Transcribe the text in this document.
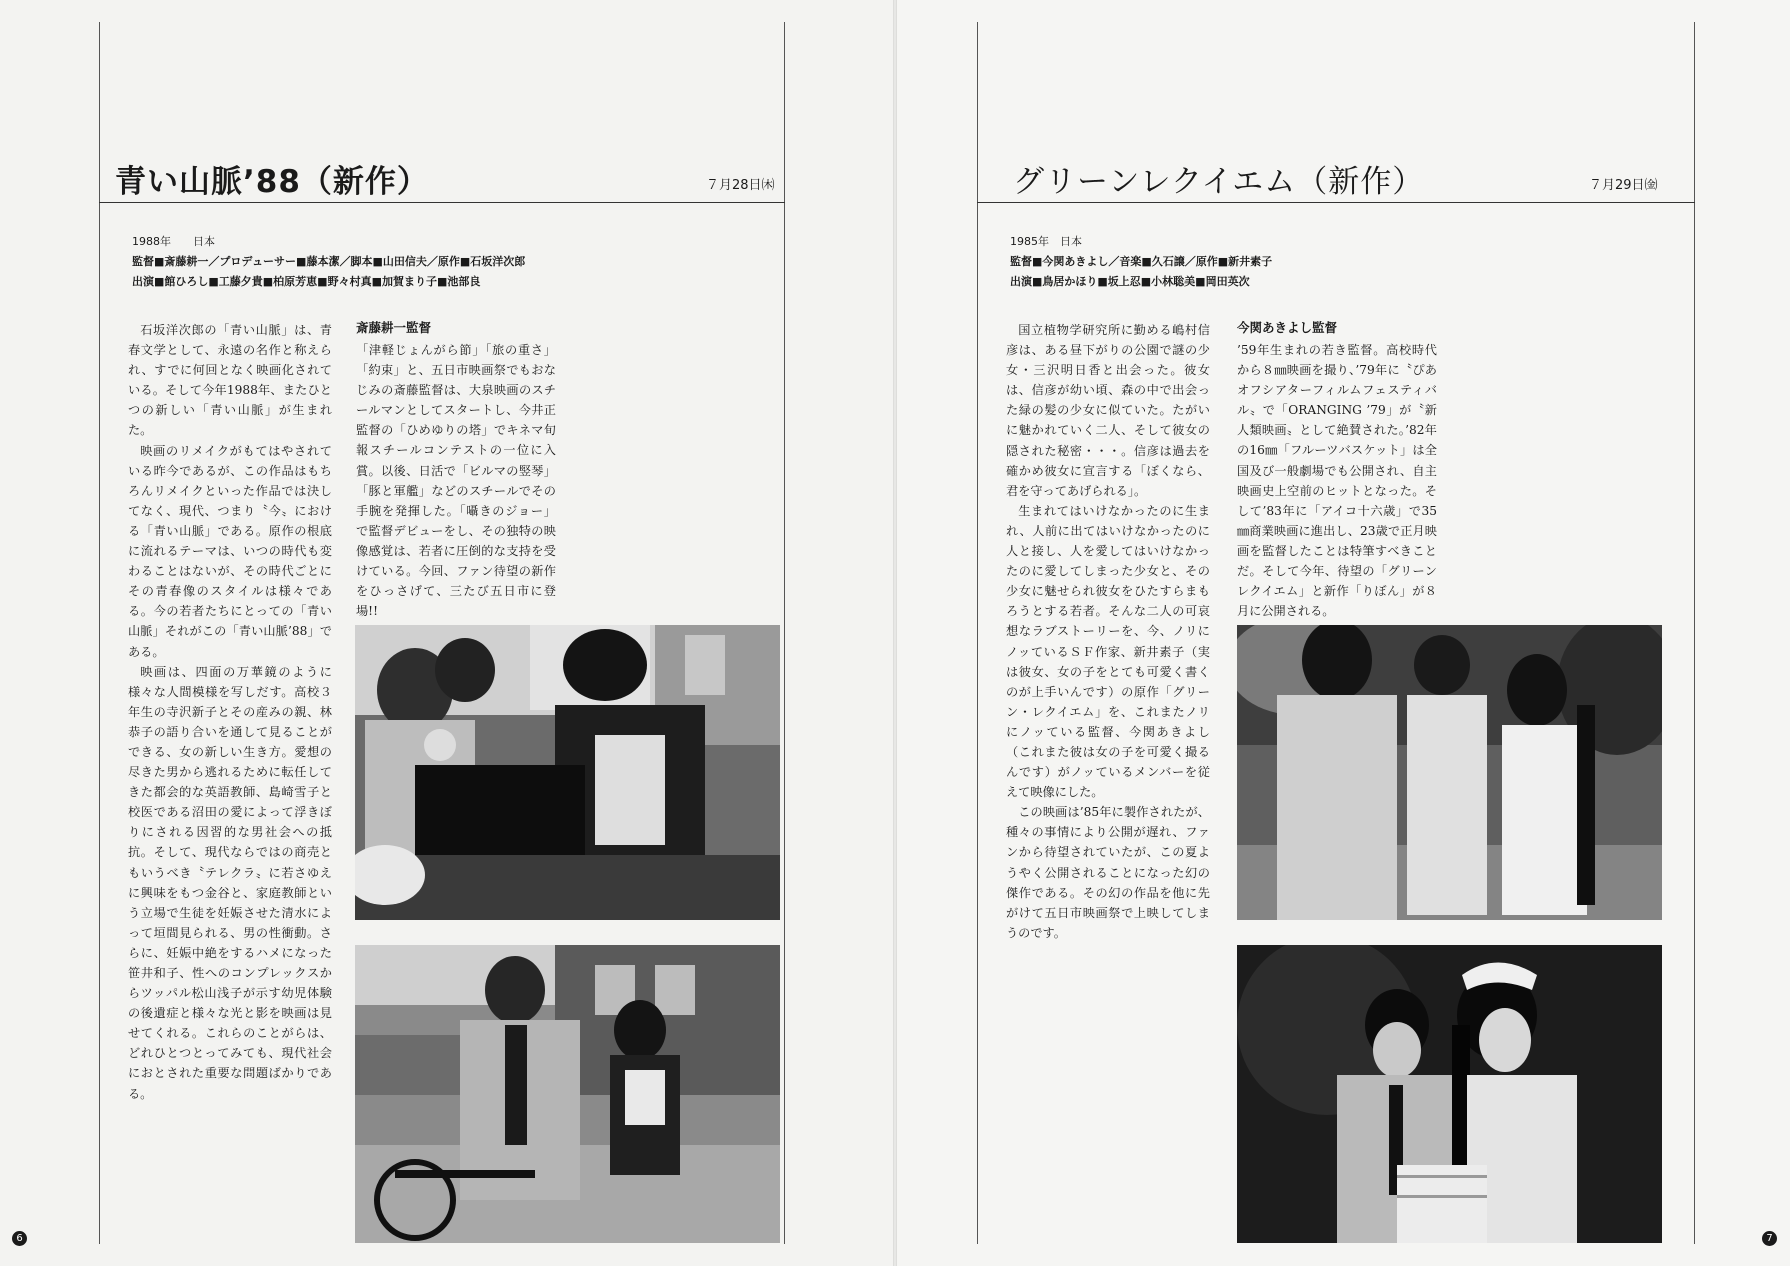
青い山脈’88（新作）	７月28日㈭
1988年　　日本
監督■斎藤耕一／プロデューサー■藤本潔／脚本■山田信夫／原作■石坂洋次郎
出演■館ひろし■工藤夕貴■柏原芳恵■野々村真■加賀まり子■池部良

石坂洋次郎の「青い山脈」は、青春文学として、永遠の名作と称えられ、すでに何回となく映画化されている。そして今年1988年、またひとつの新しい「青い山脈」が生まれた。

映画のリメイクがもてはやされている昨今であるが、この作品はもちろんリメイクといった作品では決してなく、現代、つまり〝今〟における「青い山脈」である。原作の根底に流れるテーマは、いつの時代も変わることはないが、その時代ごとにその青春像のスタイルは様々である。今の若者たちにとっての「青い山脈」それがこの「青い山脈’88」である。

映画は、四面の万華鏡のように様々な人間模様を写しだす。高校３年生の寺沢新子とその産みの親、林恭子の語り合いを通して見ることができる、女の新しい生き方。愛想の尽きた男から逃れるために転任してきた都会的な英語教師、島崎雪子と校医である沼田の愛によって浮きぼりにされる因習的な男社会への抵抗。そして、現代ならではの商売ともいうべき〝テレクラ〟に若さゆえに興味をもつ金谷と、家庭教師という立場で生徒を妊娠させた清水によって垣間見られる、男の性衝動。さらに、妊娠中絶をするハメになった笹井和子、性へのコンプレックスからツッパル松山浅子が示す幼児体験の後遺症と様々な光と影を映画は見せてくれる。これらのことがらは、どれひとつとってみても、現代社会におとされた重要な問題ばかりである。

斎藤耕一監督

「津軽じょんがら節」「旅の重さ」「約束」と、五日市映画祭でもおなじみの斎藤監督は、大泉映画のスチールマンとしてスタートし、今井正監督の「ひめゆりの塔」でキネマ旬報スチールコンテストの一位に入賞。以後、日活で「ビルマの竪琴」「豚と軍艦」などのスチールでその手腕を発揮した。「囁きのジョー」で監督デビューをし、その独特の映像感覚は、若者に圧倒的な支持を受けている。今回、ファン待望の新作をひっさげて、三たび五日市に登場!!

6
グリーンレクイエム（新作）	７月29日㈮
1985年　日本
監督■今関あきよし／音楽■久石譲／原作■新井素子
出演■鳥居かほり■坂上忍■小林聡美■岡田英次

国立植物学研究所に勤める嶋村信彦は、ある昼下がりの公園で謎の少女・三沢明日香と出会った。彼女は、信彦が幼い頃、森の中で出会った緑の髪の少女に似ていた。たがいに魅かれていく二人、そして彼女の隠された秘密・・・。信彦は過去を確かめ彼女に宣言する「ぼくなら、君を守ってあげられる」。

生まれてはいけなかったのに生まれ、人前に出てはいけなかったのに人と接し、人を愛してはいけなかったのに愛してしまった少女と、その少女に魅せられ彼女をひたすらまもろうとする若者。そんな二人の可哀想なラブストーリーを、今、ノリにノッているＳＦ作家、新井素子（実は彼女、女の子をとても可愛く書くのが上手いんです）の原作「グリーン・レクイエム」を、これまたノリにノッている監督、今関あきよし（これまた彼は女の子を可愛く撮るんです）がノッているメンバーを従えて映像にした。

この映画は’85年に製作されたが、種々の事情により公開が遅れ、ファンから待望されていたが、この夏ようやく公開されることになった幻の傑作である。その幻の作品を他に先がけて五日市映画祭で上映してしまうのです。

今関あきよし監督

’59年生まれの若き監督。高校時代から８㎜映画を撮り、’79年に〝ぴあオフシアターフィルムフェスティバル〟で「ORANGING ’79」が〝新人類映画〟として絶賛された。’82年の16㎜「フルーツバスケット」は全国及び一般劇場でも公開され、自主映画史上空前のヒットとなった。そして’83年に「アイコ十六歳」で35㎜商業映画に進出し、23歳で正月映画を監督したことは特筆すべきことだ。そして今年、待望の「グリーンレクイエム」と新作「りぼん」が８月に公開される。

7
